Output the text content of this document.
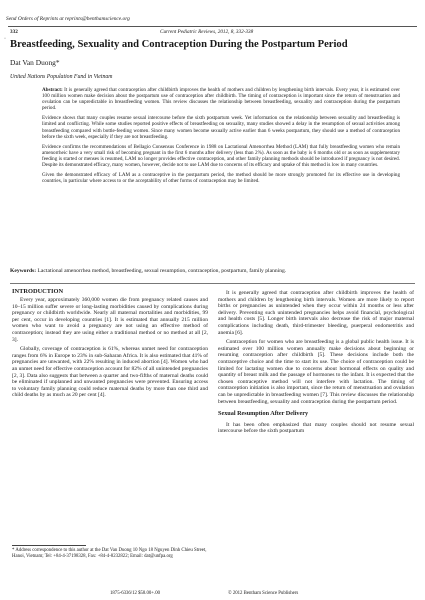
Send Orders of Reprints at reprints@benthamscience.org
332	Current Pediatric Reviews, 2012, 8, 332-338
· Breastfeeding, Sexuality and Contraception During the Postpartum Period
Dat Van Duong*
United Nations Population Fund in Vietnam

Abstract: It is generally agreed that contraception after childbirth improves the health of mothers and children by lengthening birth intervals. Every year, it is estimated over 100 million women make decision about the postpartum use of contraception after childbirth. The timing of contraception is important since the return of menstruation and ovulation can be unpredictable in breastfeeding women. This review discusses the relationship between breastfeeding, sexuality and contraception during the postpartum period.

Evidence shows that many couples resume sexual intercourse before the sixth postpartum week. Yet information on the relationship between sexuality and breastfeeding is limited and conflicting. While some studies reported positive effects of breastfeeding on sexuality, many studies showed a delay in the resumption of sexual activities among breastfeeding compared with bottle-feeding women. Since many women become sexually active earlier than 6 weeks postpartum, they should use a method of contraception before the sixth week, especially if they are not breastfeeding.

Evidence confirms the recommendations of Bellagio Consensus Conference in 1988 on Lactational Amenorrhea Method (LAM) that fully breastfeeding women who remain amenorrheic have a very small risk of becoming pregnant in the first 6 months after delivery (less than 2%). As soon as the baby is 6 months old or as soon as supplementary feeding is started or menses is resumed, LAM no longer provides effective contraception, and other family planning methods should be introduced if pregnancy is not desired. Despite its demonstrated efficacy, many women, however, decide not to use LAM due to concerns of its efficacy and uptake of this method is low in many countries.

Given the demonstrated efficacy of LAM as a contraceptive in the postpartum period, the method should be more strongly promoted for its effective use in developing countries, in particular where access to or the acceptability of other forms of contraception may be limited.

Keywords: Lactational amenorrhea method, breastfeeding, sexual resumption, contraception, postpartum, family planning.
INTRODUCTION

Every year, approximately 360,000 women die from pregnancy related causes and 10–15 million suffer severe or long-lasting morbidities caused by complications during pregnancy or childbirth worldwide. Nearly all maternal mortalities and morbidities, 99 per cent, occur in developing countries [1]. It is estimated that annually 215 million women who want to avoid a pregnancy are not using an effective method of contraception; instead they are using either a traditional method or no method at all [2, 3].

Globally, coverage of contraception is 61%, whereas unmet need for contraception ranges from 6% in Europe to 23% in sub-Saharan Africa. It is also estimated that 41% of pregnancies are unwanted, with 22% resulting in induced abortion [4]. Women who had an unmet need for effective contraception account for 82% of all unintended pregnancies [2, 3]. Data also suggests that between a quarter and two-fifths of maternal deaths could be eliminated if unplanned and unwanted pregnancies were prevented. Ensuring access to voluntary family planning could reduce maternal deaths by more than one third and child deaths by as much as 20 per cent [4].

It is generally agreed that contraception after childbirth improves the health of mothers and children by lengthening birth intervals. Women are more likely to report births or pregnancies as unintended when they occur within 24 months or less after delivery. Preventing such unintended pregnancies helps avoid financial, psychological and health costs [5]. Longer birth intervals also decrease the risk of major maternal complications including death, third-trimester bleeding, puerperal endometritis and anemia [6].

Contraception for women who are breastfeeding is a global public health issue. It is estimated over 100 million women annually make decisions about beginning or resuming contraception after childbirth [5]. These decisions include both the contraceptive choice and the time to start its use. The choice of contraception could be limited for lactating women due to concerns about hormonal effects on quality and quantity of breast milk and the passage of hormones to the infant. It is expected that the chosen contraceptive method will not interfere with lactation. The timing of contraception initiation is also important, since the return of menstruation and ovulation can be unpredictable in breastfeeding women [7]. This review discusses the relationship between breastfeeding, sexuality and contraception during the postpartum period.

Sexual Resumption After Delivery

It has been often emphasized that many couples should not resume sexual intercourse before the sixth postpartum

* Address correspondence to this author at the Dat Van Duong 10 Ngo 18 Nguyen Dinh Chieu Street, Hanoi, Vietnam; Tel: +84-4-37198328, Fax: +84-4-8232822; Email: dat@unfpa.org
1875-6336/12 $58.00+.00	© 2012 Bentham Science Publishers
